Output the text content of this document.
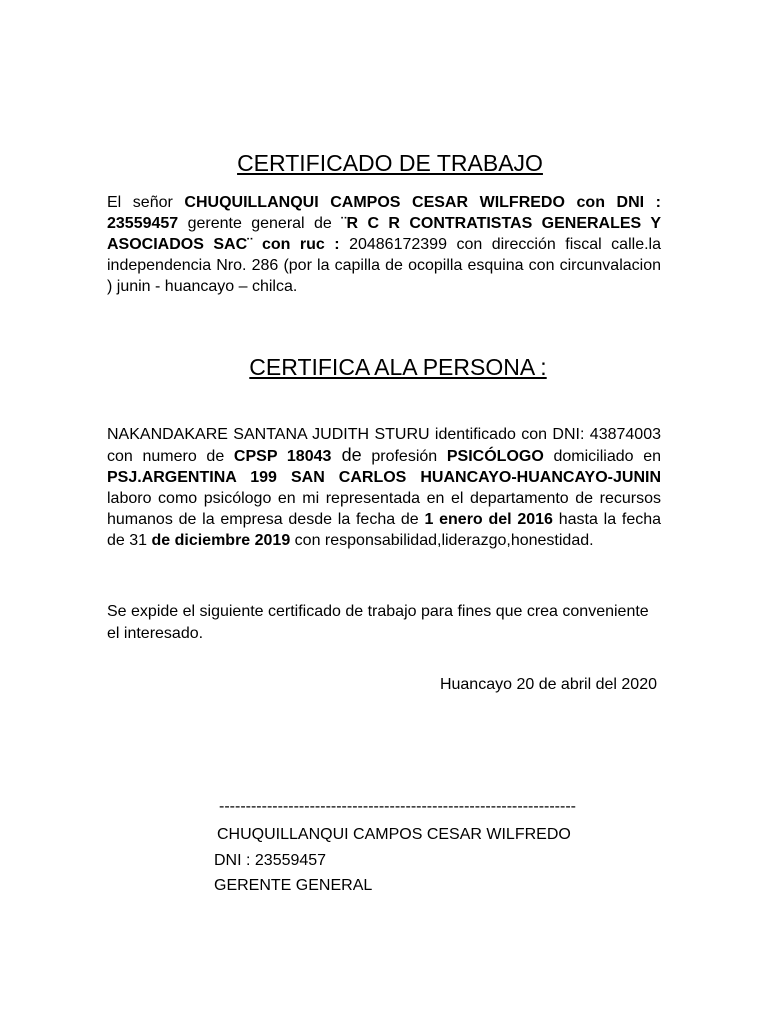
CERTIFICADO DE TRABAJO
El señor CHUQUILLANQUI CAMPOS CESAR WILFREDO con DNI : 23559457 gerente general de ¨R C R CONTRATISTAS GENERALES Y ASOCIADOS SAC¨ con ruc : 20486172399 con dirección fiscal calle.la independencia Nro. 286 (por la capilla de ocopilla esquina con circunvalacion ) junin - huancayo – chilca.
CERTIFICA ALA PERSONA :
NAKANDAKARE SANTANA JUDITH STURU identificado con DNI: 43874003 con numero de CPSP 18043 de profesión PSICÓLOGO domiciliado en PSJ.ARGENTINA 199 SAN CARLOS HUANCAYO-HUANCAYO-JUNIN laboro como psicólogo en mi representada en el departamento de recursos humanos de la empresa desde la fecha de 1 enero del 2016 hasta la fecha de 31 de diciembre 2019 con responsabilidad,liderazgo,honestidad.
Se expide el siguiente certificado de trabajo para fines que crea conveniente el interesado.
Huancayo 20 de abril del 2020
-------------------------------------------------------------------
CHUQUILLANQUI CAMPOS CESAR WILFREDO
DNI : 23559457
GERENTE GENERAL
